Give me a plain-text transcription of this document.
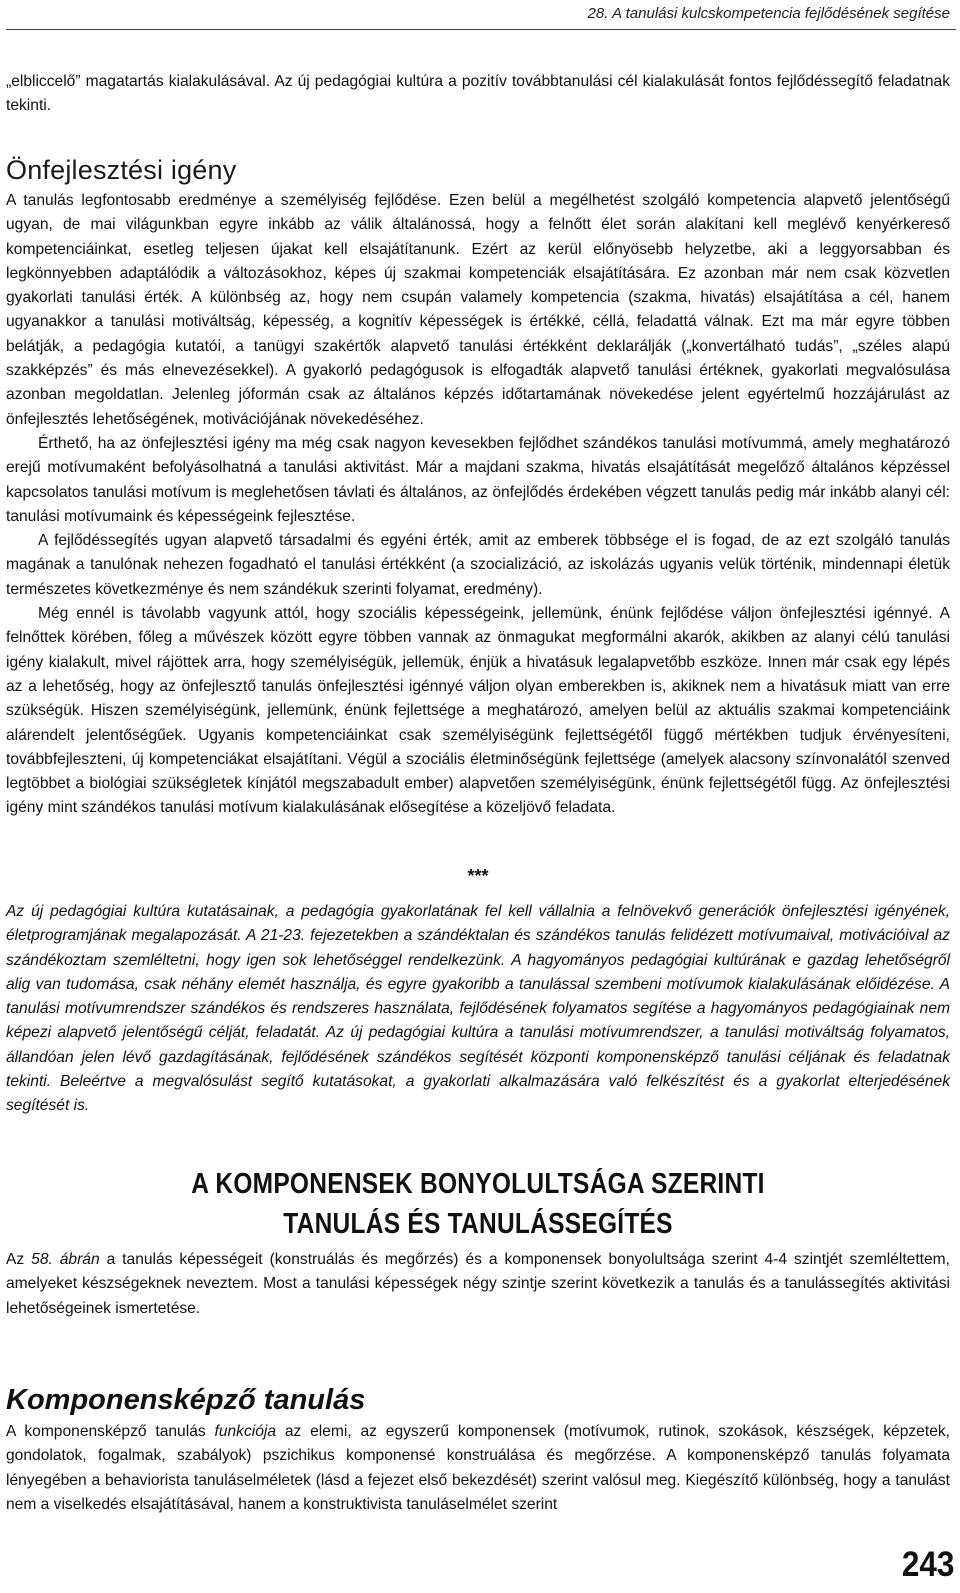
28. A tanulási kulcskompetencia fejlődésének segítése

„elbliccelő” magatartás kialakulásával. Az új pedagógiai kultúra a pozitív továbbtanulási cél kialakulását fontos fejlődéssegítő feladatnak tekinti.

Önfejlesztési igény

A tanulás legfontosabb eredménye a személyiség fejlődése. Ezen belül a megélhetést szolgáló kompetencia alapvető jelentőségű ugyan, de mai világunkban egyre inkább az válik általánossá, hogy a felnőtt élet során alakítani kell meglévő kenyérkereső kompetenciáinkat, esetleg teljesen újakat kell elsajátítanunk. Ezért az kerül előnyösebb helyzetbe, aki a leggyorsabban és legkönnyebben adaptálódik a változásokhoz, képes új szakmai kompetenciák elsajátítására. Ez azonban már nem csak közvetlen gyakorlati tanulási érték. A különbség az, hogy nem csupán valamely kompetencia (szakma, hivatás) elsajátítása a cél, hanem ugyanakkor a tanulási motiváltság, képesség, a kognitív képességek is értékké, céllá, feladattá válnak. Ezt ma már egyre többen belátják, a pedagógia kutatói, a tanügyi szakértők alapvető tanulási értékként deklarálják („konvertálható tudás”, „széles alapú szakképzés” és más elnevezésekkel). A gyakorló pedagógusok is elfogadták alapvető tanulási értéknek, gyakorlati megvalósulása azonban megoldatlan. Jelenleg jóformán csak az általános képzés időtartamának növekedése jelent egyértelmű hozzájárulást az önfejlesztés lehetőségének, motivációjának növekedéséhez.

Érthető, ha az önfejlesztési igény ma még csak nagyon kevesekben fejlődhet szándékos tanulási motívummá, amely meghatározó erejű motívumaként befolyásolhatná a tanulási aktivitást. Már a majdani szakma, hivatás elsajátítását megelőző általános képzéssel kapcsolatos tanulási motívum is meglehetősen távlati és általános, az önfejlődés érdekében végzett tanulás pedig már inkább alanyi cél: tanulási motívumaink és képességeink fejlesztése.

A fejlődéssegítés ugyan alapvető társadalmi és egyéni érték, amit az emberek többsége el is fogad, de az ezt szolgáló tanulás magának a tanulónak nehezen fogadható el tanulási értékként (a szocializáció, az iskolázás ugyanis velük történik, mindennapi életük természetes következménye és nem szándékuk szerinti folyamat, eredmény).

Még ennél is távolabb vagyunk attól, hogy szociális képességeink, jellemünk, énünk fejlődése váljon önfejlesztési igénnyé. A felnőttek körében, főleg a művészek között egyre többen vannak az önmagukat megformálni akarók, akikben az alanyi célú tanulási igény kialakult, mivel rájöttek arra, hogy személyiségük, jellemük, énjük a hivatásuk legalapvetőbb eszköze. Innen már csak egy lépés az a lehetőség, hogy az önfejlesztő tanulás önfejlesztési igénnyé váljon olyan emberekben is, akiknek nem a hivatásuk miatt van erre szükségük. Hiszen személyiségünk, jellemünk, énünk fejlettsége a meghatározó, amelyen belül az aktuális szakmai kompetenciáink alárendelt jelentőségűek. Ugyanis kompetenciáinkat csak személyiségünk fejlettségétől függő mértékben tudjuk érvényesíteni, továbbfejleszteni, új kompetenciákat elsajátítani. Végül a szociális életminőségünk fejlettsége (amelyek alacsony színvonalától szenved legtöbbet a biológiai szükségletek kínjától megszabadult ember) alapvetően személyiségünk, énünk fejlettségétől függ. Az önfejlesztési igény mint szándékos tanulási motívum kialakulásának elősegítése a közeljövő feladata.

***

Az új pedagógiai kultúra kutatásainak, a pedagógia gyakorlatának fel kell vállalnia a felnövekvő generációk önfejlesztési igényének, életprogramjának megalapozását. A 21-23. fejezetekben a szándéktalan és szándékos tanulás felidézett motívumaival, motivációival az szándékoztam szemléltetni, hogy igen sok lehetőséggel rendelkezünk. A hagyományos pedagógiai kultúrának e gazdag lehetőségről alig van tudomása, csak néhány elemét használja, és egyre gyakoribb a tanulással szembeni motívumok kialakulásának előidézése. A tanulási motívumrendszer szándékos és rendszeres használata, fejlődésének folyamatos segítése a hagyományos pedagógiainak nem képezi alapvető jelentőségű célját, feladatát. Az új pedagógiai kultúra a tanulási motívumrendszer, a tanulási motiváltság folyamatos, állandóan jelen lévő gazdagításának, fejlődésének szándékos segítését központi komponensképző tanulási céljának és feladatnak tekinti. Beleértve a megvalósulást segítő kutatásokat, a gyakorlati alkalmazására való felkészítést és a gyakorlat elterjedésének segítését is.

A KOMPONENSEK BONYOLULTSÁGA SZERINTI
TANULÁS ÉS TANULÁSSEGÍTÉS

Az 58. ábrán a tanulás képességeit (konstruálás és megőrzés) és a komponensek bonyolultsága szerint 4-4 szintjét szemléltettem, amelyeket készségeknek neveztem. Most a tanulási képességek négy szintje szerint következik a tanulás és a tanulássegítés aktivitási lehetőségeinek ismertetése.

Komponensképző tanulás

A komponensképző tanulás funkciója az elemi, az egyszerű komponensek (motívumok, rutinok, szokások, készségek, képzetek, gondolatok, fogalmak, szabályok) pszichikus komponensé konstruálása és megőrzése. A komponensképző tanulás folyamata lényegében a behaviorista tanuláselméletek (lásd a fejezet első bekezdését) szerint valósul meg. Kiegészítő különbség, hogy a tanulást nem a viselkedés elsajátításával, hanem a konstruktivista tanuláselmélet szerint

243
